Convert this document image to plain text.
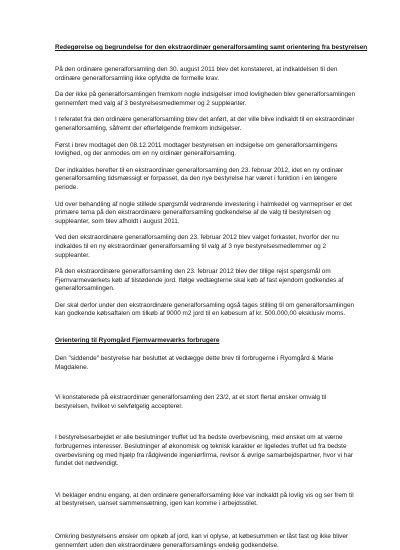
Redegørelse og begrundelse for den ekstraordinær generalforsamling samt orientering fra bestyrelsen

På den ordinære generalforsamling den 30. august 2011 blev det konstateret, at indkaldelsen til den ordinære generalforsamling ikke opfyldte de formelle krav.

Da der ikke på generalforsamlingen fremkom nogle indsigelser imod lovligheden blev generalforsamlingen gennemført med valg af 3 bestyrelsesmedlemmer og 2 suppleanter.

I referatet fra den ordinære generalforsamling blev det anført, at der ville blive indkaldt til en ekstraordinær generalforsamling, såfremt der efterfølgende fremkom indsigelser.

Først i brev modtaget den 08.12.2011 modtager bestyrelsen en indsigelse om generalforsamlingens lovlighed, og der anmodes om en ny ordinær generalforsamling.

Der indkaldes herefter til en ekstraordinær generalforsamling den 23. februar 2012, idet en ny ordinær generalforsamling tidsmæssigt er forpasset, da den nye bestyrelse har været i funktion i en længere periode.

Ud over behandling af nogle stillede spørgsmål vedrørende investering i halmkedel og varmepriser er det primære tema på den ekstraordinære generalforsamling godkendelse af de valg til bestyrelsen og suppleanter, som blev afholdt i august 2011.

Ved den ekstraordinære generalforsamling den 23. februar 2012 blev valget forkastet, hvorfor der nu indkaldes til en ny ekstraordinær generalforsamling til valg af 3 nye bestyrelsesmedlemmer og 2 suppleanter.

På den ekstraordinære generalforsamling den 23. februar 2012 blev der tillige rejst spørgsmål om Fjernvarmeværkets køb af tilstødende jord. Ifølge vedtægterne skal køb af fast ejendom godkendes af generalforsamlingen.

Der skal derfor under den ekstraordinære generalforsamling også tages stilling til om generalforsamlingen kan godkende købsaftalen om tilkøb af 9000 m2 jord til en købesum af kr. 500.000,00 eksklusiv moms.

Orientering til Ryomgård Fjernvarmeværks forbrugere

Den "siddende" bestyrelse har besluttet at vedlægge dette brev til forbrugerne i Ryomgård & Marie Magdalene.

Vi konstaterede på ekstraordinær generalforsamling den 23/2, at et stort flertal ønsker omvalg til bestyrelsen, hvilket vi selvfølgelig accepterer.

I bestyrelsesarbejdet er alle beslutninger truffet ud fra bedste overbevisning, med ønsket om at værne forbrugernes interesser. Beslutninger af økonomisk og teknisk karakter er ligeledes truffet ud fra bedste overbevisning og med hjælp fra rådgivende ingeniørfirma, revisor & øvrige samarbejdspartner, hvor vi har fundet det nødvendigt.

Vi beklager endnu engang, at den ordinære generalforsamling ikke var indkaldt på lovlig vis og ser frem til at bestyrelsen, uanset sammensætning, igen kan komme i arbejdsstilet.

Omkring bestyrelsens ønsker om opkøb af jord, kan vi oplyse, at købesummen er låst fast og ikke bliver gennemført uden den ekstraordinære generalforsamlings endelig godkendelse.
